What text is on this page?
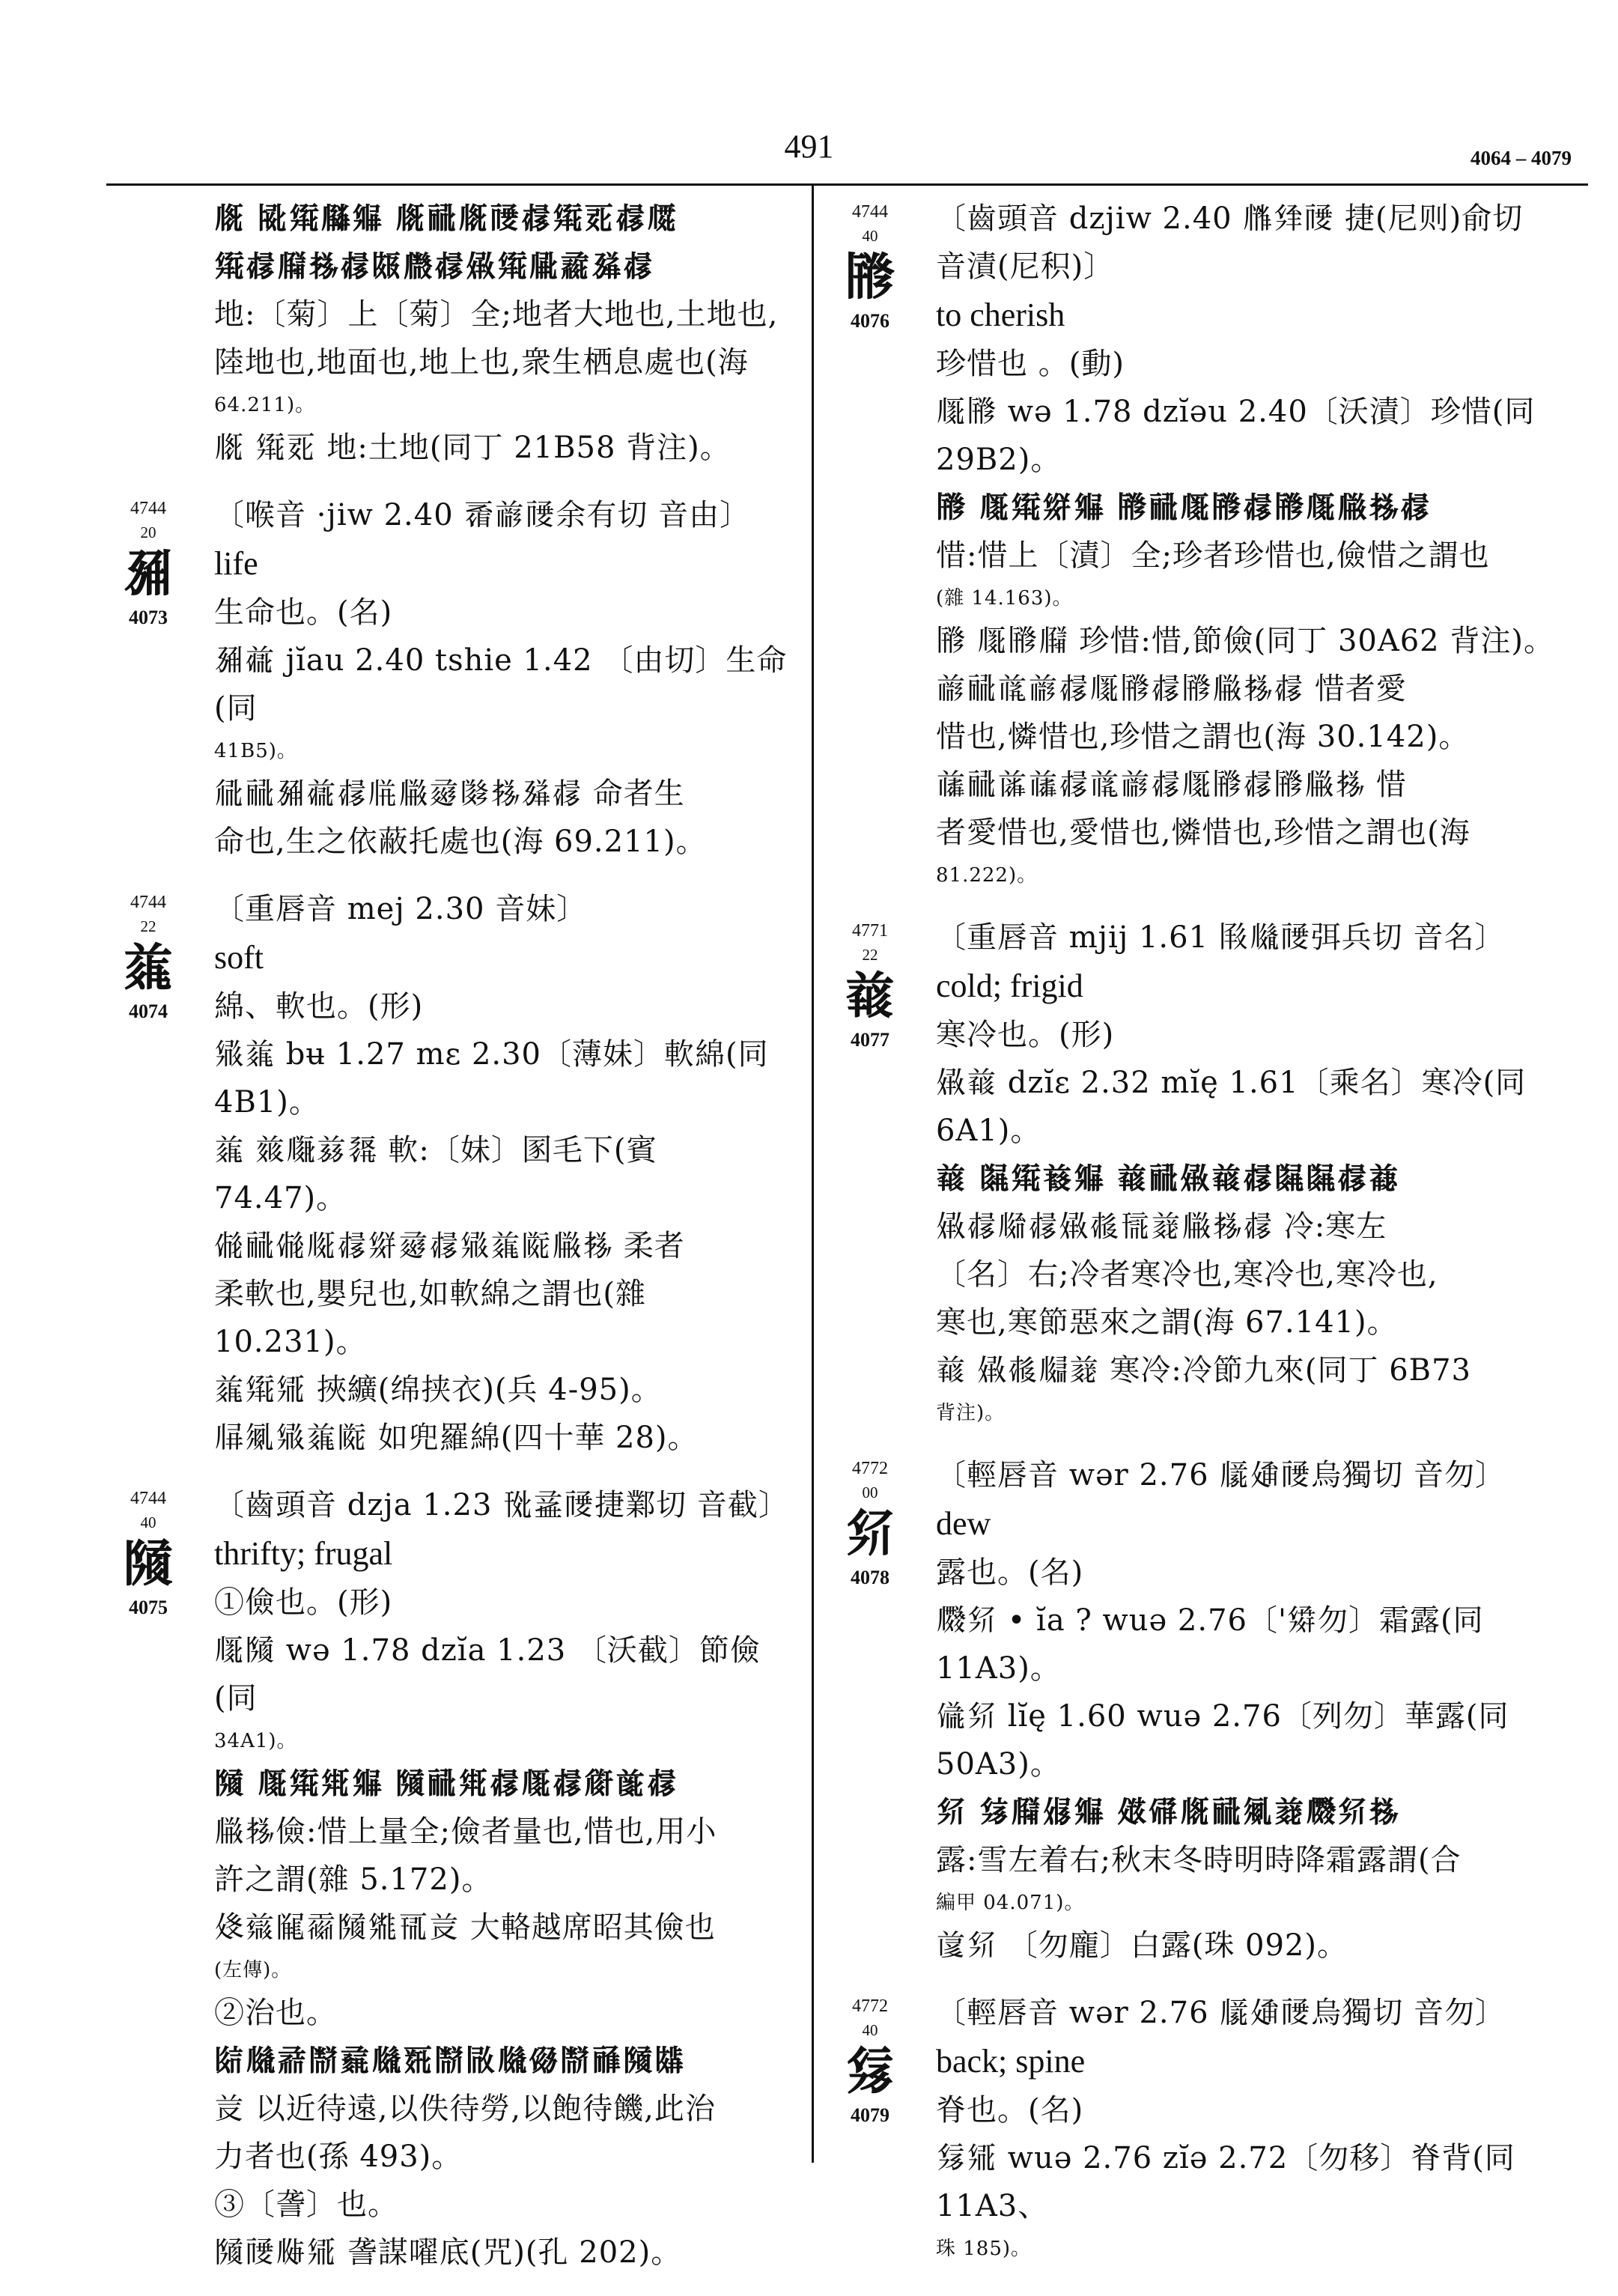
491	4064 – 4079
𗅋 𗎫𗋕𗆪𗋅 𗅋𗟻𗅋𗎁𗎇𗋕𗀉𗎇𗆅
𗋕𗎇𗆶𗈪𗎇𗂁𗆸𗎇𗏣𗋕𗅦𗈖𗉧𗎇
地:〔菊〕上〔菊〕全;地者大地也,土地也,
陸地也,地面也,地上也,衆生栖息處也(海
64.211)。
𗅋 𗋕𗀉 地:土地(同丁 21B58 背注)。
4744
20
𗉤
4073
〔喉音 ·jiw 2.40 𗀓𗑗𗎁余有切 音由〕
life
生命也。(名)
𗉤𗑫 jĭau 2.40 tshie 1.42 〔由切〕生命(同
41B5)。
𗏀𗟻𗉤𗑫𗎇𗄼𗆐𗇫𗂆𗈪𗉧𗎇 命者生
命也,生之依蔽托處也(海 69.211)。
4744
22
𗒀
4074
〔重唇音 mej 2.30 音妹〕
soft
綿、軟也。(形)
𗋒𗒀 bʉ 1.27 mɛ 2.30〔薄妹〕軟綿(同 4B1)。
𗒀 𗒁𗆳𗐬𗉁 軟:〔妹〕圂毛下(賓 74.47)。
𗃡𗟻𗃡𗅉𗎇𗋜𗇫𗎇𗋒𗒀𗂚𗆐𗈪 柔者
柔軟也,嬰兒也,如軟綿之謂也(雜 10.231)。
𗒀𗋕𗊸 挾纊(绵挟衣)(兵 4-95)。
𗅁𗏇𗋒𗒀𗂚 如兜羅綿(四十華 28)。
4744
40
𗂧
4075
〔齒頭音 dzja 1.23 𗌽𗇻𗎁捷鄴切 音截〕
thrifty; frugal
①儉也。(形)
𗅲𗂧 wə 1.78 dzĭa 1.23 〔沃截〕節儉(同
34A1)。
𗂧 𗅲𗋕𗊦𗋅 𗂧𗟻𗊦𗎇𗅲𗎇𗏆𗑼𗎇
𗆐𗈪儉:惜上量全;儉者量也,惜也,用小
許之謂(雜 5.172)。
𗐅𗓍𗂾𗍦𗂧𗋢𗀋𗐫 大輅越席昭其儉也
(左傳)。
②治也。
𗁬𗆭𗇭𗂯𗈞𗆭𗀥𗂯𗁎𗆭𗃜𗂯𗟾𗂧𗂻
𗐫 以近待遠,以佚待勞,以飽待饑,此治
力者也(孫 493)。
③〔詟〕也。
𗂧𗎁𗅊𗊸 詟謀嚁底(咒)(孔 202)。
4744
40
𗂨
4076
〔齒頭音 dzjiw 2.40 𗆏𗊔𗎁 捷(尼则)俞切
音漬(尼积)〕
to cherish
珍惜也 。(動)
𗅲𗂨 wə 1.78 dzĭəu 2.40〔沃漬〕珍惜(同 29B2)。
𗂨 𗅲𗋕𗋜𗋅 𗂨𗟻𗅲𗂨𗎇𗂨𗅲𗆐𗈪𗎇
惜:惜上〔漬〕全;珍者珍惜也,儉惜之謂也
(雜 14.163)。
𗂨 𗅲𗂨𗆶 珍惜:惜,節儉(同丁 30A62 背注)。
𗑗𗟻𗑘𗑗𗎇𗅲𗂨𗎇𗂨𗆐𗈪𗎇 惜者愛
惜也,憐惜也,珍惜之謂也(海 30.142)。
𗑙𗟻𗑚𗑙𗎇𗑘𗑗𗎇𗅲𗂨𗎇𗂨𗆐𗈪 惜
者愛惜也,愛惜也,憐惜也,珍惜之謂也(海
81.222)。
4771
22
𗓆
4077
〔重唇音 mjij 1.61 𗁠𗆭𗎁弭兵切 音名〕
cold; frigid
寒冷也。(形)
𗏣𗓆 dzĭɛ 2.32 mĭę 1.61〔乘名〕寒冷(同 6A1)。
𗓆 𗂺𗋕𗓇𗋅 𗓆𗟻𗏣𗓆𗎇𗂺𗂺𗎇𗓈
𗏣𗎇𗅴𗎇𗏣𗎉𗍅𗓉𗆐𗈪𗎇 冷:寒左
〔名〕右;冷者寒冷也,寒冷也,寒冷也,
寒也,寒節惡來之謂(海 67.141)。
𗓆 𗏣𗎉𗆝𗓉 寒冷:冷節九來(同丁 6B73
背注)。
4772
00
𗉼
4078
〔輕唇音 wər 2.76 𗅱𗐈𗎁烏獨切 音勿〕
dew
露也。(名)
𗇁𗉼 • ĭa ? wuə 2.76〔'𗋾勿〕霜露(同 11A3)。
𗃴𗉼 lĭę 1.60 wuə 2.76〔列勿〕華露(同 50A3)。
𗉼 𗊁𗆶𗏊𗋅 𗐉𗃦𗅋𗟻𗏇𗓉𗇁𗉼𗈪
露:雪左着右;秋末冬時明時降霜露謂(合
編甲 04.071)。
𗑛𗉼 〔勿龐〕白露(珠 092)。
4772
40
𗉽
4079
〔輕唇音 wər 2.76 𗅱𗐈𗎁烏獨切 音勿〕
back; spine
脊也。(名)
𗉽𗊸 wuə 2.76 zĭə 2.72〔勿移〕脊背(同 11A3、
珠 185)。
